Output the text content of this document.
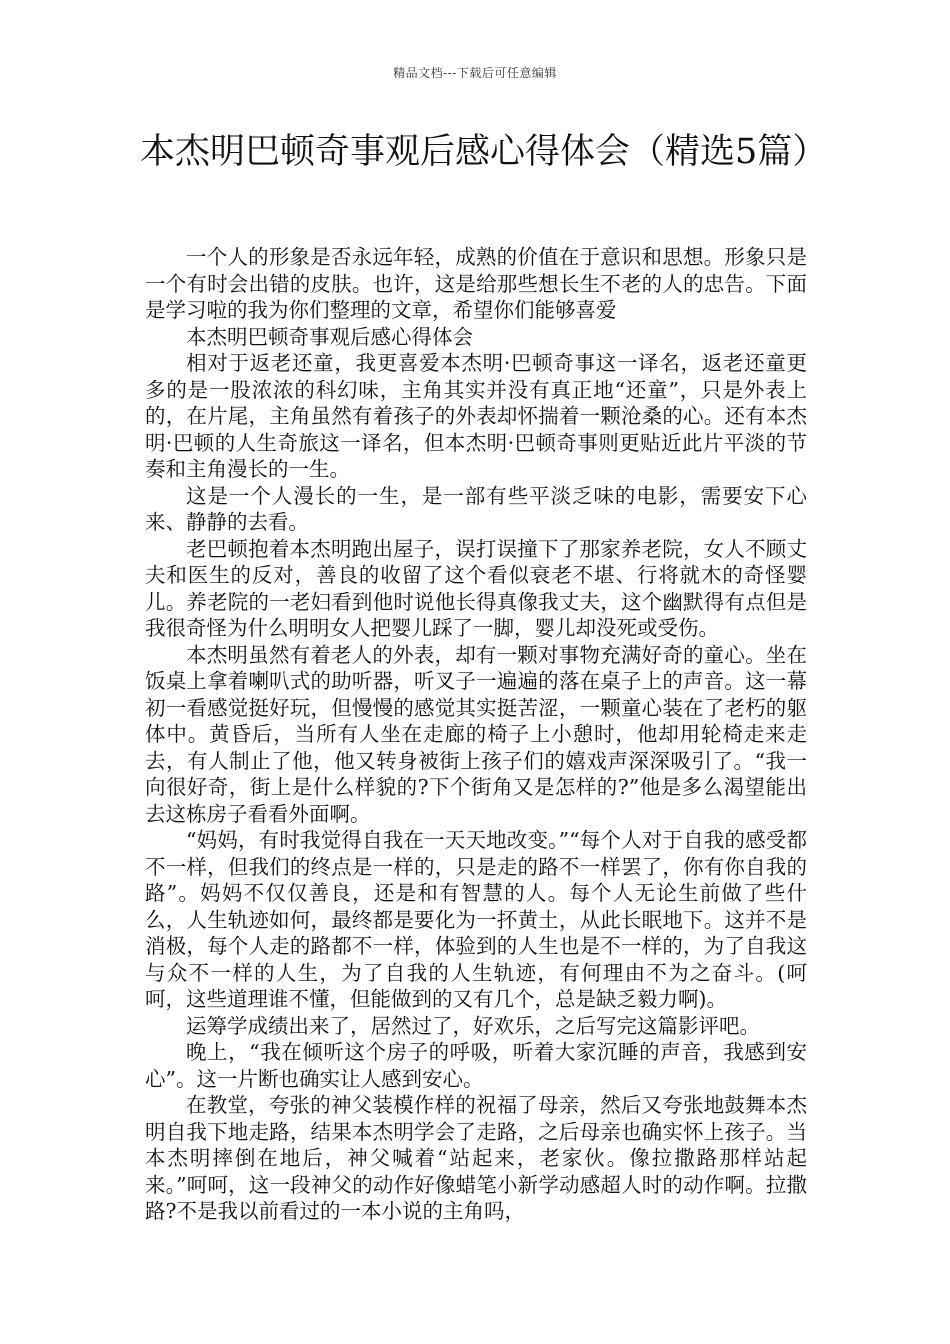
精品文档---下载后可任意编辑
本杰明巴顿奇事观后感心得体会（精选5篇）

一个人的形象是否永远年轻，成熟的价值在于意识和思想。形象只是一个有时会出错的皮肤。也许，这是给那些想长生不老的人的忠告。下面是学习啦的我为你们整理的文章，希望你们能够喜爱

本杰明巴顿奇事观后感心得体会

相对于返老还童，我更喜爱本杰明·巴顿奇事这一译名，返老还童更多的是一股浓浓的科幻味，主角其实并没有真正地“还童”，只是外表上的，在片尾，主角虽然有着孩子的外表却怀揣着一颗沧桑的心。还有本杰明·巴顿的人生奇旅这一译名，但本杰明·巴顿奇事则更贴近此片平淡的节奏和主角漫长的一生。

这是一个人漫长的一生，是一部有些平淡乏味的电影，需要安下心来、静静的去看。

老巴顿抱着本杰明跑出屋子，误打误撞下了那家养老院，女人不顾丈夫和医生的反对，善良的收留了这个看似衰老不堪、行将就木的奇怪婴儿。养老院的一老妇看到他时说他长得真像我丈夫，这个幽默得有点但是我很奇怪为什么明明女人把婴儿踩了一脚，婴儿却没死或受伤。

本杰明虽然有着老人的外表，却有一颗对事物充满好奇的童心。坐在饭桌上拿着喇叭式的助听器，听叉子一遍遍的落在桌子上的声音。这一幕初一看感觉挺好玩，但慢慢的感觉其实挺苦涩，一颗童心装在了老朽的躯体中。黄昏后，当所有人坐在走廊的椅子上小憩时，他却用轮椅走来走去，有人制止了他，他又转身被街上孩子们的嬉戏声深深吸引了。“我一向很好奇，街上是什么样貌的?下个街角又是怎样的?”他是多么渴望能出去这栋房子看看外面啊。

“妈妈，有时我觉得自我在一天天地改变。”“每个人对于自我的感受都不一样，但我们的终点是一样的，只是走的路不一样罢了，你有你自我的路”。妈妈不仅仅善良，还是和有智慧的人。每个人无论生前做了些什么，人生轨迹如何，最终都是要化为一抔黄土，从此长眠地下。这并不是消极，每个人走的路都不一样，体验到的人生也是不一样的，为了自我这与众不一样的人生，为了自我的人生轨迹，有何理由不为之奋斗。(呵呵，这些道理谁不懂，但能做到的又有几个，总是缺乏毅力啊)。

运筹学成绩出来了，居然过了，好欢乐，之后写完这篇影评吧。

晚上，“我在倾听这个房子的呼吸，听着大家沉睡的声音，我感到安心”。这一片断也确实让人感到安心。

在教堂，夸张的神父装模作样的祝福了母亲，然后又夸张地鼓舞本杰明自我下地走路，结果本杰明学会了走路，之后母亲也确实怀上孩子。当本杰明摔倒在地后，神父喊着“站起来，老家伙。像拉撒路那样站起来。”呵呵，这一段神父的动作好像蜡笔小新学动感超人时的动作啊。拉撒路?不是我以前看过的一本小说的主角吗，
